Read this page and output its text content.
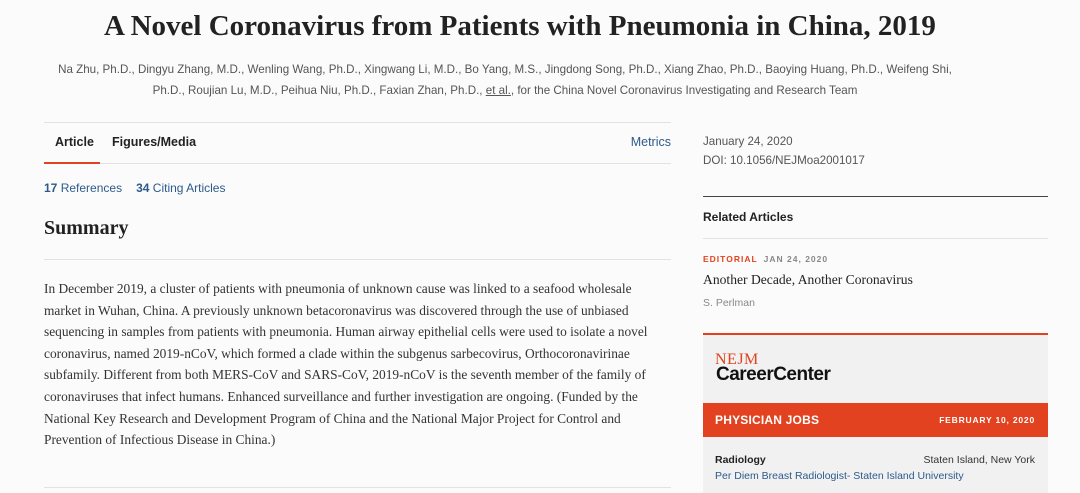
A Novel Coronavirus from Patients with Pneumonia in China, 2019
Na Zhu, Ph.D., Dingyu Zhang, M.D., Wenling Wang, Ph.D., Xingwang Li, M.D., Bo Yang, M.S., Jingdong Song, Ph.D., Xiang Zhao, Ph.D., Baoying Huang, Ph.D., Weifeng Shi,
Ph.D., Roujian Lu, M.D., Peihua Niu, Ph.D., Faxian Zhan, Ph.D., et al., for the China Novel Coronavirus Investigating and Research Team
Article Figures/Media	Metrics
17 References 34 Citing Articles
Summary

In December 2019, a cluster of patients with pneumonia of unknown cause was linked to a seafood wholesale market in Wuhan, China. A previously unknown betacoronavirus was discovered through the use of unbiased sequencing in samples from patients with pneumonia. Human airway epithelial cells were used to isolate a novel coronavirus, named 2019-nCoV, which formed a clade within the subgenus sarbecovirus, Orthocoronavirinae subfamily. Different from both MERS-CoV and SARS-CoV, 2019-nCoV is the seventh member of the family of coronaviruses that infect humans. Enhanced surveillance and further investigation are ongoing. (Funded by the National Key Research and Development Program of China and the National Major Project for Control and Prevention of Infectious Disease in China.)

January 24, 2020
DOI: 10.1056/NEJMoa2001017
Related Articles
EDITORIAL JAN 24, 2020
Another Decade, Another Coronavirus
S. Perlman
NEJM
CareerCenter
PHYSICIAN JOBS	FEBRUARY 10, 2020
Radiology	Staten Island, New York
Per Diem Breast Radiologist- Staten Island University
